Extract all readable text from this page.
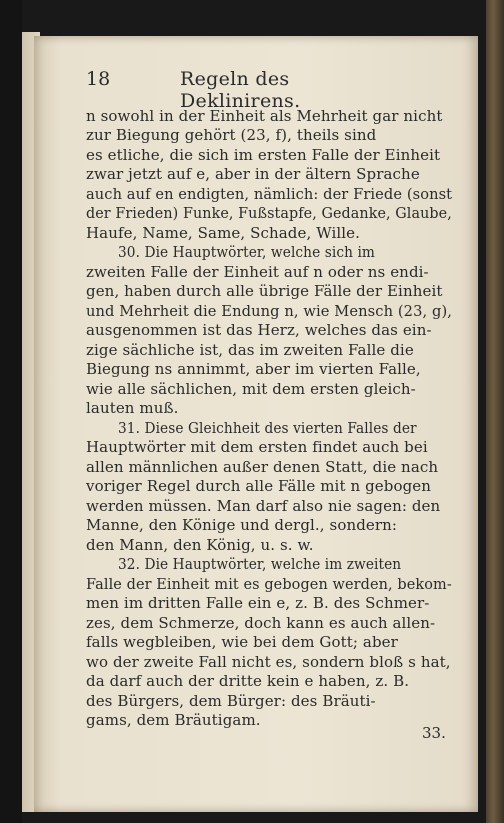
18	Regeln des Deklinirens.
n sowohl in der Einheit als Mehrheit gar nicht
zur Biegung gehört (23, f), theils sind
es etliche, die sich im ersten Falle der Einheit
zwar jetzt auf e, aber in der ältern Sprache
auch auf en endigten, nämlich: der Friede (sonst
der Frieden) Funke, Fußstapfe, Gedanke, Glaube,
Haufe, Name, Same, Schade, Wille.
30. Die Hauptwörter, welche sich im
zweiten Falle der Einheit auf n oder ns endi-
gen, haben durch alle übrige Fälle der Einheit
und Mehrheit die Endung n, wie Mensch (23, g),
ausgenommen ist das Herz, welches das ein-
zige sächliche ist, das im zweiten Falle die
Biegung ns annimmt, aber im vierten Falle,
wie alle sächlichen, mit dem ersten gleich-
lauten muß.
31. Diese Gleichheit des vierten Falles der
Hauptwörter mit dem ersten findet auch bei
allen männlichen außer denen Statt, die nach
voriger Regel durch alle Fälle mit n gebogen
werden müssen. Man darf also nie sagen: den
Manne, den Königе und dergl., sondern:
den Mann, den König, u. s. w.
32. Die Hauptwörter, welche im zweiten
Falle der Einheit mit es gebogen werden, bekom-
men im dritten Falle ein e, z. B. des Schmer-
zes, dem Schmerze, doch kann es auch allen-
falls wegbleiben, wie bei dem Gott; aber
wo der zweite Fall nicht es, sondern bloß s hat,
da darf auch der dritte kein e haben, z. B.
des Bürgers, dem Bürger: des Bräuti-
gams, dem Bräutigam.
33.
